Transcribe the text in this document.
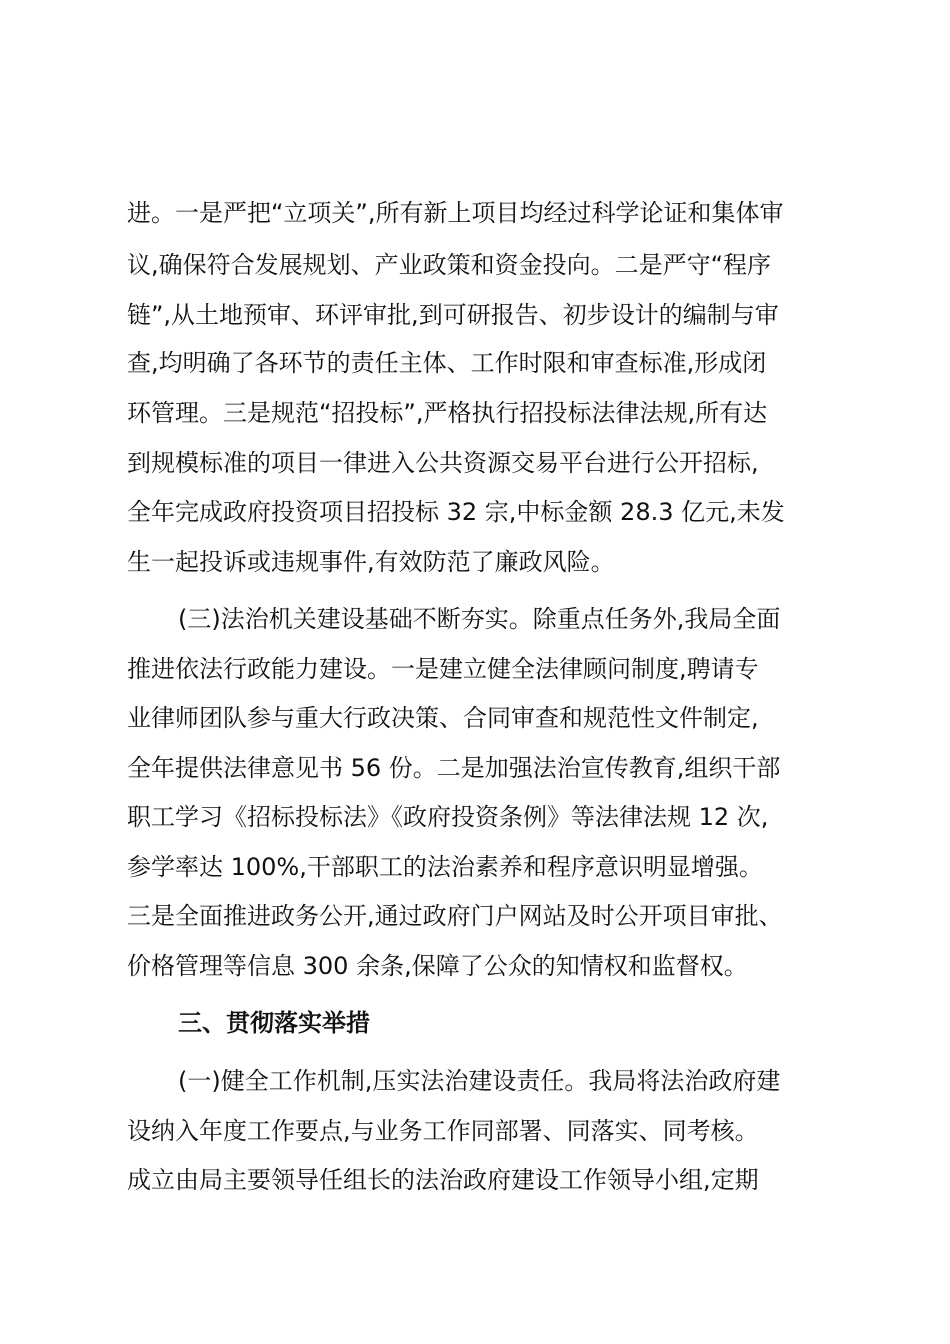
进。一是严把“立项关”,所有新上项目均经过科学论证和集体审
议,确保符合发展规划、产业政策和资金投向。二是严守“程序
链”,从土地预审、环评审批,到可研报告、初步设计的编制与审
查,均明确了各环节的责任主体、工作时限和审查标准,形成闭
环管理。三是规范“招投标”,严格执行招投标法律法规,所有达
到规模标准的项目一律进入公共资源交易平台进行公开招标,
全年完成政府投资项目招投标 32 宗,中标金额 28.3 亿元,未发
生一起投诉或违规事件,有效防范了廉政风险。
(三)法治机关建设基础不断夯实。除重点任务外,我局全面
推进依法行政能力建设。一是建立健全法律顾问制度,聘请专
业律师团队参与重大行政决策、合同审查和规范性文件制定,
全年提供法律意见书 56 份。二是加强法治宣传教育,组织干部
职工学习《招标投标法》《政府投资条例》等法律法规 12 次,
参学率达 100%,干部职工的法治素养和程序意识明显增强。
三是全面推进政务公开,通过政府门户网站及时公开项目审批、
价格管理等信息 300 余条,保障了公众的知情权和监督权。
三、贯彻落实举措
(一)健全工作机制,压实法治建设责任。我局将法治政府建
设纳入年度工作要点,与业务工作同部署、同落实、同考核。
成立由局主要领导任组长的法治政府建设工作领导小组,定期
